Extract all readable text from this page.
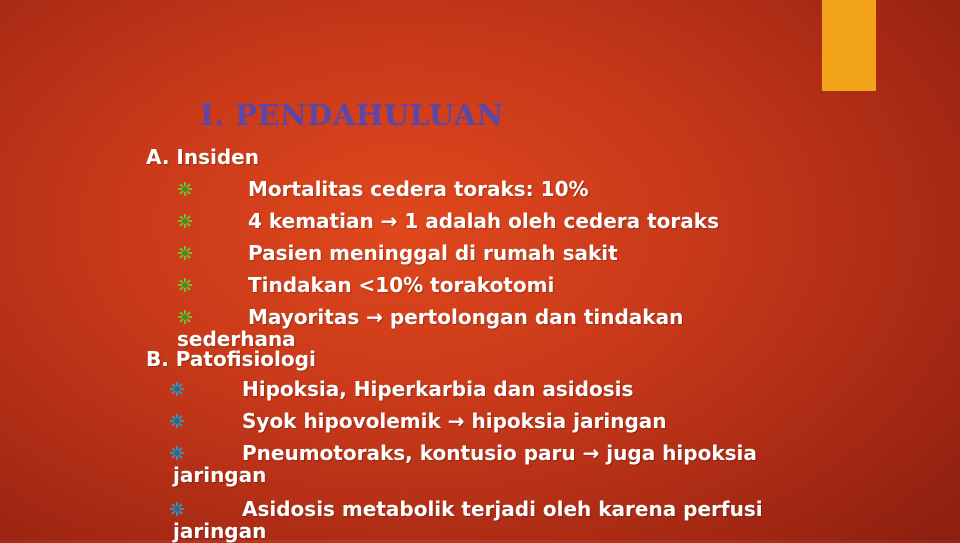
I. PENDAHULUAN
A. Insiden
Mortalitas cedera toraks: 10%
4 kematian → 1 adalah oleh cedera toraks
Pasien meninggal di rumah sakit
Tindakan <10% torakotomi
Mayoritas → pertolongan dan tindakan
sederhana
B. Patofisiologi
Hipoksia, Hiperkarbia dan asidosis
Syok hipovolemik → hipoksia jaringan
Pneumotoraks, kontusio paru → juga hipoksia
jaringan
Asidosis metabolik terjadi oleh karena perfusi
jaringan
